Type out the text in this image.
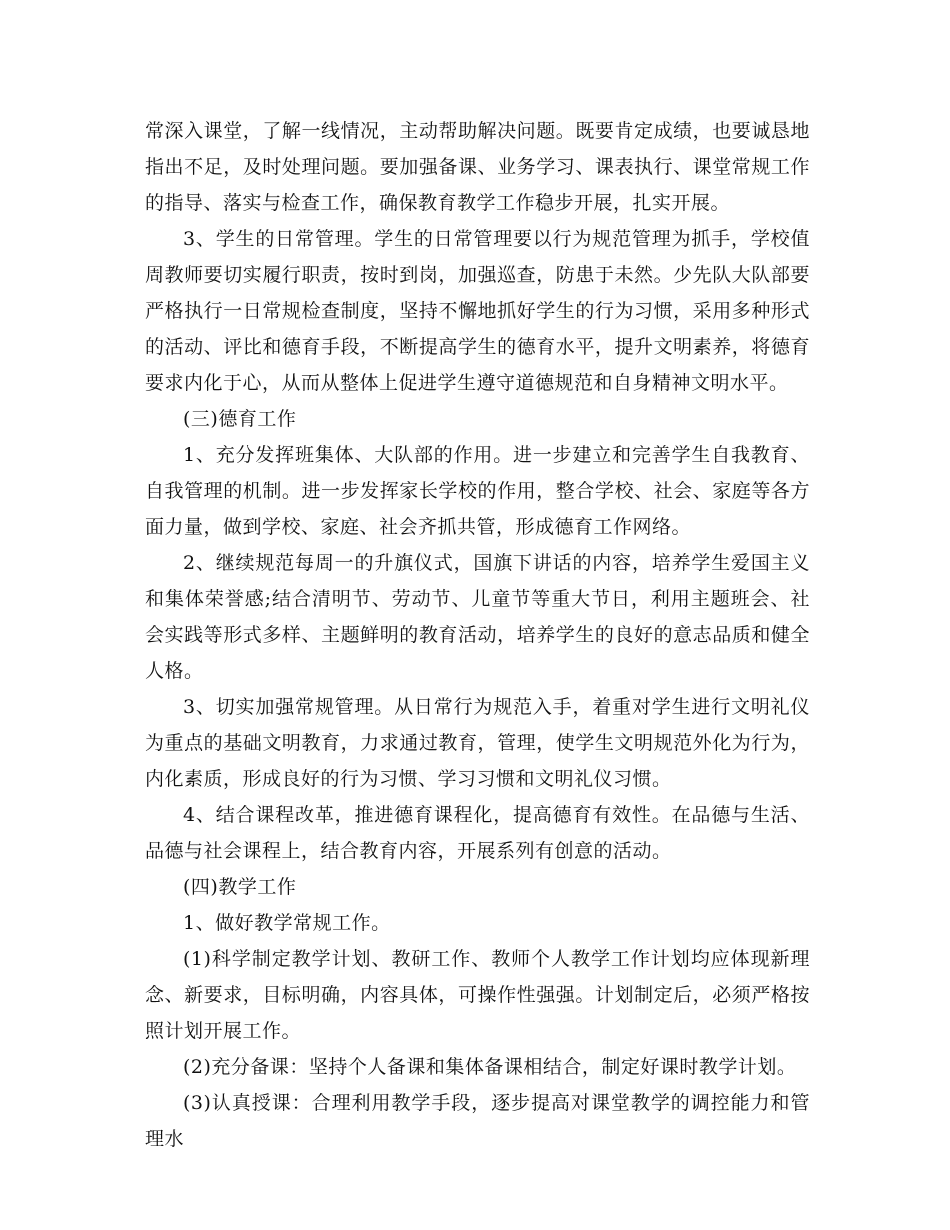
常深入课堂，了解一线情况，主动帮助解决问题。既要肯定成绩，也要诚恳地指出不足，及时处理问题。要加强备课、业务学习、课表执行、课堂常规工作的指导、落实与检查工作，确保教育教学工作稳步开展，扎实开展。

3、学生的日常管理。学生的日常管理要以行为规范管理为抓手，学校值周教师要切实履行职责，按时到岗，加强巡查，防患于未然。少先队大队部要严格执行一日常规检查制度，坚持不懈地抓好学生的行为习惯，采用多种形式的活动、评比和德育手段，不断提高学生的德育水平，提升文明素养，将德育要求内化于心，从而从整体上促进学生遵守道德规范和自身精神文明水平。

(三)德育工作

1、充分发挥班集体、大队部的作用。进一步建立和完善学生自我教育、自我管理的机制。进一步发挥家长学校的作用，整合学校、社会、家庭等各方面力量，做到学校、家庭、社会齐抓共管，形成德育工作网络。

2、继续规范每周一的升旗仪式，国旗下讲话的内容，培养学生爱国主义和集体荣誉感;结合清明节、劳动节、儿童节等重大节日，利用主题班会、社会实践等形式多样、主题鲜明的教育活动，培养学生的良好的意志品质和健全人格。

3、切实加强常规管理。从日常行为规范入手，着重对学生进行文明礼仪为重点的基础文明教育，力求通过教育，管理，使学生文明规范外化为行为，内化素质，形成良好的行为习惯、学习习惯和文明礼仪习惯。

4、结合课程改革，推进德育课程化，提高德育有效性。在品德与生活、品德与社会课程上，结合教育内容，开展系列有创意的活动。

(四)教学工作

1、做好教学常规工作。

(1)科学制定教学计划、教研工作、教师个人教学工作计划均应体现新理念、新要求，目标明确，内容具体，可操作性强强。计划制定后，必须严格按照计划开展工作。

(2)充分备课：坚持个人备课和集体备课相结合，制定好课时教学计划。

(3)认真授课：合理利用教学手段，逐步提高对课堂教学的调控能力和管理水
